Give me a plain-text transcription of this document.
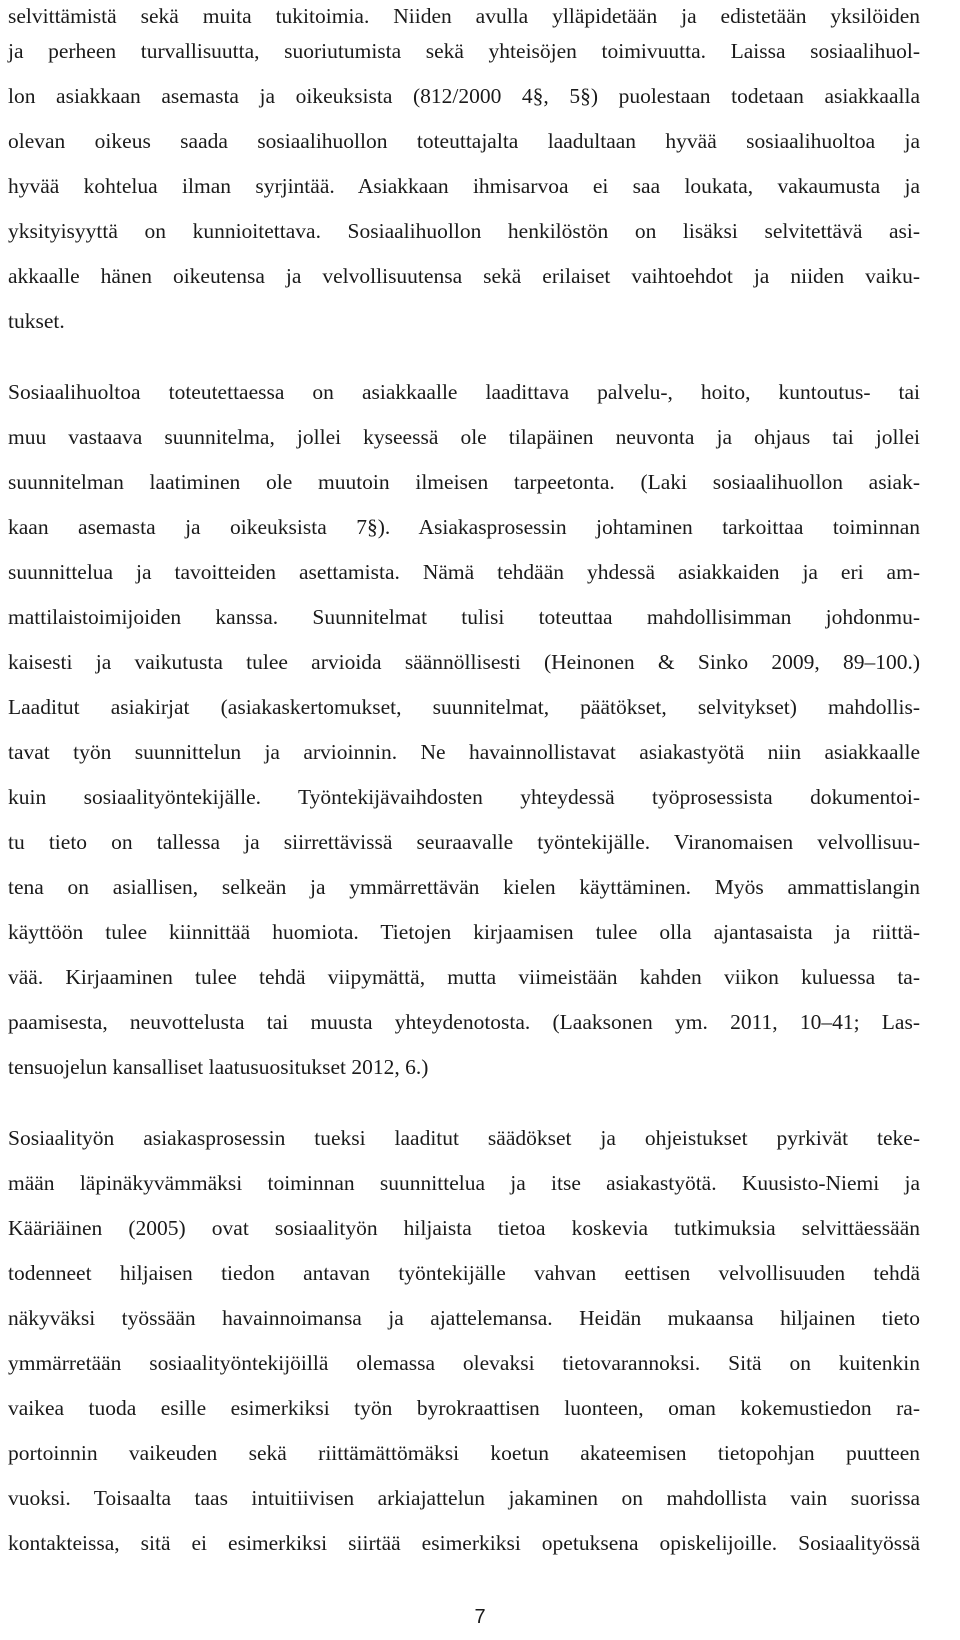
selvittämistä sekä muita tukitoimia. Niiden avulla ylläpidetään ja edistetään yksilöiden
ja perheen turvallisuutta, suoriutumista sekä yhteisöjen toimivuutta. Laissa sosiaalihuol-
lon asiakkaan asemasta ja oikeuksista (812/2000 4§, 5§) puolestaan todetaan asiakkaalla
olevan oikeus saada sosiaalihuollon toteuttajalta laadultaan hyvää sosiaalihuoltoa ja
hyvää kohtelua ilman syrjintää. Asiakkaan ihmisarvoa ei saa loukata, vakaumusta ja
yksityisyyttä on kunnioitettava. Sosiaalihuollon henkilöstön on lisäksi selvitettävä asi-
akkaalle hänen oikeutensa ja velvollisuutensa sekä erilaiset vaihtoehdot ja niiden vaiku-
tukset.
Sosiaalihuoltoa toteutettaessa on asiakkaalle laadittava palvelu-, hoito, kuntoutus- tai
muu vastaava suunnitelma, jollei kyseessä ole tilapäinen neuvonta ja ohjaus tai jollei
suunnitelman laatiminen ole muutoin ilmeisen tarpeetonta. (Laki sosiaalihuollon asiak-
kaan asemasta ja oikeuksista 7§). Asiakasprosessin johtaminen tarkoittaa toiminnan
suunnittelua ja tavoitteiden asettamista. Nämä tehdään yhdessä asiakkaiden ja eri am-
mattilaistoimijoiden kanssa. Suunnitelmat tulisi toteuttaa mahdollisimman johdonmu-
kaisesti ja vaikutusta tulee arvioida säännöllisesti (Heinonen & Sinko 2009, 89–100.)
Laaditut asiakirjat (asiakaskertomukset, suunnitelmat, päätökset, selvitykset) mahdollis-
tavat työn suunnittelun ja arvioinnin. Ne havainnollistavat asiakastyötä niin asiakkaalle
kuin sosiaalityöntekijälle. Työntekijävaihdosten yhteydessä työprosessista dokumentoi-
tu tieto on tallessa ja siirrettävissä seuraavalle työntekijälle. Viranomaisen velvollisuu-
tena on asiallisen, selkeän ja ymmärrettävän kielen käyttäminen. Myös ammattislangin
käyttöön tulee kiinnittää huomiota. Tietojen kirjaamisen tulee olla ajantasaista ja riittä-
vää. Kirjaaminen tulee tehdä viipymättä, mutta viimeistään kahden viikon kuluessa ta-
paamisesta, neuvottelusta tai muusta yhteydenotosta. (Laaksonen ym. 2011, 10–41; Las-
tensuojelun kansalliset laatusuositukset 2012, 6.)
Sosiaalityön asiakasprosessin tueksi laaditut säädökset ja ohjeistukset pyrkivät teke-
mään läpinäkyvämmäksi toiminnan suunnittelua ja itse asiakastyötä. Kuusisto-Niemi ja
Kääriäinen (2005) ovat sosiaalityön hiljaista tietoa koskevia tutkimuksia selvittäessään
todenneet hiljaisen tiedon antavan työntekijälle vahvan eettisen velvollisuuden tehdä
näkyväksi työssään havainnoimansa ja ajattelemansa. Heidän mukaansa hiljainen tieto
ymmärretään sosiaalityöntekijöillä olemassa olevaksi tietovarannoksi. Sitä on kuitenkin
vaikea tuoda esille esimerkiksi työn byrokraattisen luonteen, oman kokemustiedon ra-
portoinnin vaikeuden sekä riittämättömäksi koetun akateemisen tietopohjan puutteen
vuoksi. Toisaalta taas intuitiivisen arkiajattelun jakaminen on mahdollista vain suorissa
kontakteissa, sitä ei esimerkiksi siirtää esimerkiksi opetuksena opiskelijoille. Sosiaalityössä
7
